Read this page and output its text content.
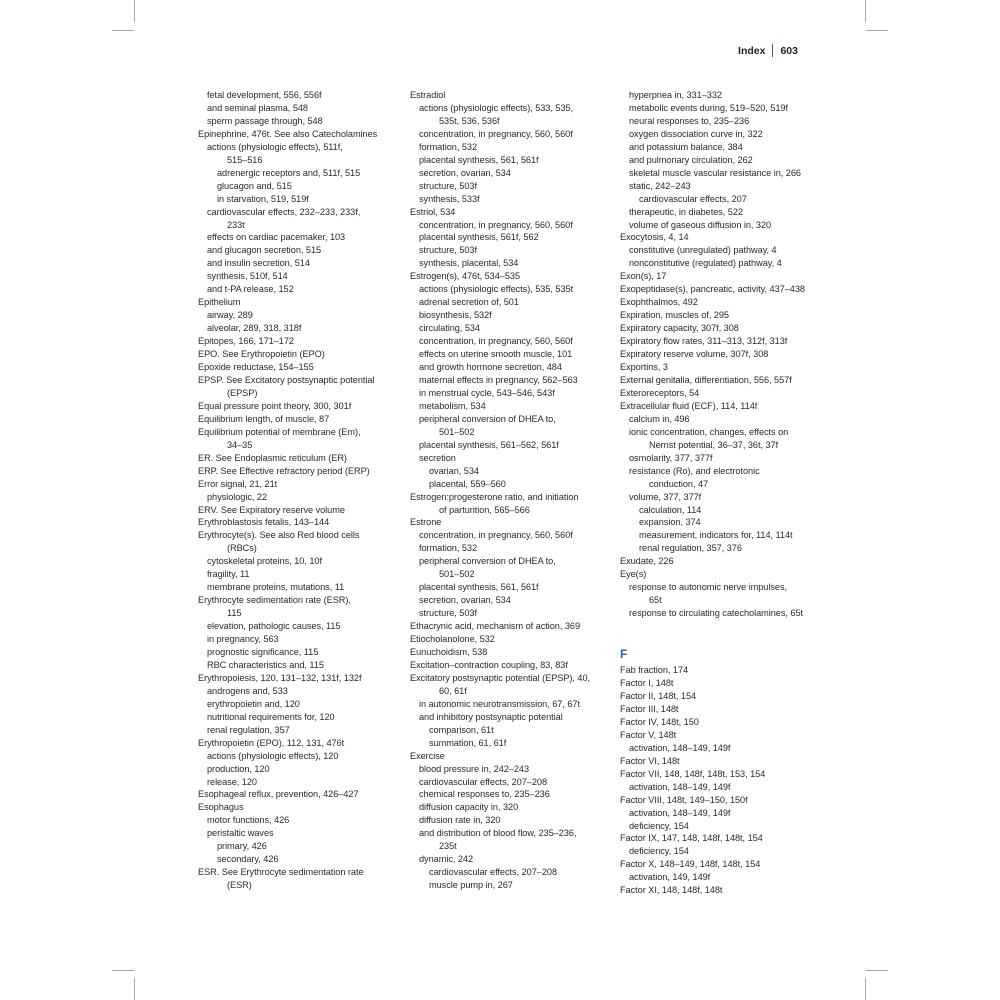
Index 603
fetal development, 556, 556f
and seminal plasma, 548
sperm passage through, 548
Epinephrine, 476t. See also Catecholamines
actions (physiologic effects), 511f,
515–516
adrenergic receptors and, 511f, 515
glucagon and, 515
in starvation, 519, 519f
cardiovascular effects, 232–233, 233f,
233t
effects on cardiac pacemaker, 103
and glucagon secretion, 515
and insulin secretion, 514
synthesis, 510f, 514
and t-PA release, 152
Epithelium
airway, 289
alveolar, 289, 318, 318f
Epitopes, 166, 171–172
EPO. See Erythropoietin (EPO)
Epoxide reductase, 154–155
EPSP. See Excitatory postsynaptic potential
(EPSP)
Equal pressure point theory, 300, 301f
Equilibrium length, of muscle, 87
Equilibrium potential of membrane (Em),
34–35
ER. See Endoplasmic reticulum (ER)
ERP. See Effective refractory period (ERP)
Error signal, 21, 21t
physiologic, 22
ERV. See Expiratory reserve volume
Erythroblastosis fetalis, 143–144
Erythrocyte(s). See also Red blood cells
(RBCs)
cytoskeletal proteins, 10, 10f
fragility, 11
membrane proteins, mutations, 11
Erythrocyte sedimentation rate (ESR),
115
elevation, pathologic causes, 115
in pregnancy, 563
prognostic significance, 115
RBC characteristics and, 115
Erythropoiesis, 120, 131–132, 131f, 132f
androgens and, 533
erythropoietin and, 120
nutritional requirements for, 120
renal regulation, 357
Erythropoietin (EPO), 112, 131, 476t
actions (physiologic effects), 120
production, 120
release, 120
Esophageal reflux, prevention, 426–427
Esophagus
motor functions, 426
peristaltic waves
primary, 426
secondary, 426
ESR. See Erythrocyte sedimentation rate
(ESR)
Estradiol
actions (physiologic effects), 533, 535,
535t, 536, 536f
concentration, in pregnancy, 560, 560f
formation, 532
placental synthesis, 561, 561f
secretion, ovarian, 534
structure, 503f
synthesis, 533f
Estriol, 534
concentration, in pregnancy, 560, 560f
placental synthesis, 561f, 562
structure, 503f
synthesis, placental, 534
Estrogen(s), 476t, 534–535
actions (physiologic effects), 535, 535t
adrenal secretion of, 501
biosynthesis, 532f
circulating, 534
concentration, in pregnancy, 560, 560f
effects on uterine smooth muscle, 101
and growth hormone secretion, 484
maternal effects in pregnancy, 562–563
in menstrual cycle, 543–546, 543f
metabolism, 534
peripheral conversion of DHEA to,
501–502
placental synthesis, 561–562, 561f
secretion
ovarian, 534
placental, 559–560
Estrogen:progesterone ratio, and initiation
of parturition, 565–566
Estrone
concentration, in pregnancy, 560, 560f
formation, 532
peripheral conversion of DHEA to,
501–502
placental synthesis, 561, 561f
secretion, ovarian, 534
structure, 503f
Ethacrynic acid, mechanism of action, 369
Etiocholanolone, 532
Eunuchoidism, 538
Excitation–contraction coupling, 83, 83f
Excitatory postsynaptic potential (EPSP), 40,
60, 61f
in autonomic neurotransmission, 67, 67t
and inhibitory postsynaptic potential
comparison, 61t
summation, 61, 61f
Exercise
blood pressure in, 242–243
cardiovascular effects, 207–208
chemical responses to, 235–236
diffusion capacity in, 320
diffusion rate in, 320
and distribution of blood flow, 235–236,
235t
dynamic, 242
cardiovascular effects, 207–208
muscle pump in, 267
hyperpnea in, 331–332
metabolic events during, 519–520, 519f
neural responses to, 235–236
oxygen dissociation curve in, 322
and potassium balance, 384
and pulmonary circulation, 262
skeletal muscle vascular resistance in, 266
static, 242–243
cardiovascular effects, 207
therapeutic, in diabetes, 522
volume of gaseous diffusion in, 320
Exocytosis, 4, 14
constitutive (unregulated) pathway, 4
nonconstitutive (regulated) pathway, 4
Exon(s), 17
Exopeptidase(s), pancreatic, activity, 437–438
Exophthalmos, 492
Expiration, muscles of, 295
Expiratory capacity, 307f, 308
Expiratory flow rates, 311–313, 312f, 313f
Expiratory reserve volume, 307f, 308
Exportins, 3
External genitalia, differentiation, 556, 557f
Exteroreceptors, 54
Extracellular fluid (ECF), 114, 114f
calcium in, 496
ionic concentration, changes, effects on
Nernst potential, 36–37, 36t, 37f
osmolarity, 377, 377f
resistance (Ro), and electrotonic
conduction, 47
volume, 377, 377f
calculation, 114
expansion, 374
measurement, indicators for, 114, 114t
renal regulation, 357, 376
Exudate, 226
Eye(s)
response to autonomic nerve impulses,
65t
response to circulating catecholamines, 65t
F
Fab fraction, 174
Factor I, 148t
Factor II, 148t, 154
Factor III, 148t
Factor IV, 148t, 150
Factor V, 148t
activation, 148–149, 149f
Factor VI, 148t
Factor VII, 148, 148f, 148t, 153, 154
activation, 148–149, 149f
Factor VIII, 148t, 149–150, 150f
activation, 148–149, 149f
deficiency, 154
Factor IX, 147, 148, 148f, 148t, 154
deficiency, 154
Factor X, 148–149, 148f, 148t, 154
activation, 149, 149f
Factor XI, 148, 148f, 148t
